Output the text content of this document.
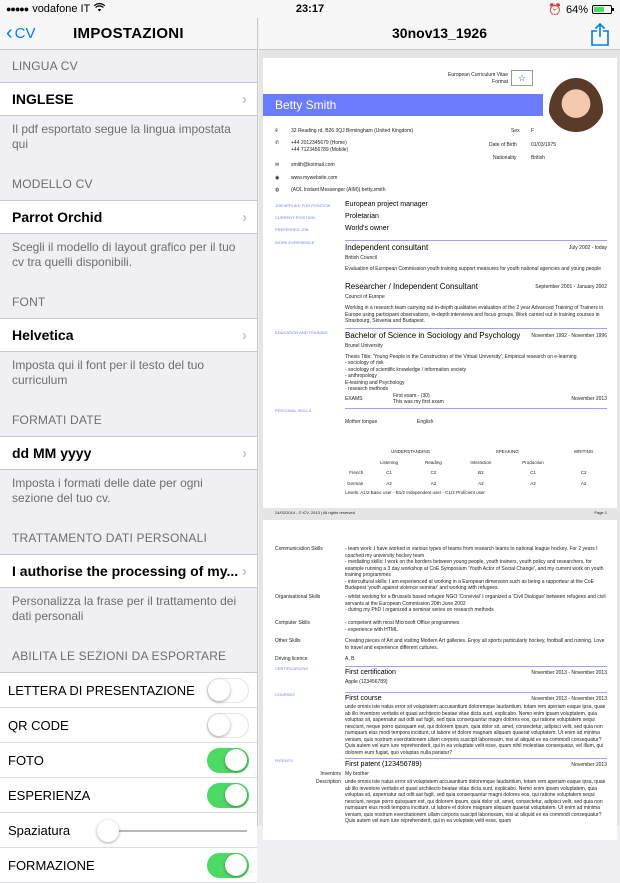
●●●●● vodafone IT	23:17	⏰ 64%
‹ CV	IMPOSTAZIONI
LINGUA CV
INGLESE	›
Il pdf esportato segue la lingua impostata qui
MODELLO CV
Parrot Orchid	›
Scegli il modello di layout grafico per il tuo cv tra quelli disponibili.
FONT
Helvetica	›
Imposta qui il font per il testo del tuo curriculum
FORMATI DATE
dd MM yyyy	›
Imposta i formati delle date per ogni sezione del tuo cv.
TRATTAMENTO DATI PERSONALI
I authorise the processing of my... ›
Personalizza la frase per il trattamento dei dati personali
ABILITA LE SEZIONI DA ESPORTARE
LETTERA DI PRESENTAZIONE
QR CODE
FOTO
ESPERIENZA
Spaziatura
FORMAZIONE
30nov13_1926
European Curriculum Vitae
Format	☆
Betty Smith
⌾	32 Reading rd, B26 3QJ Birmingham (United Kingdom)
✆ +44 2012345679 (Home)
+44 7123456789 (Mobile)
✉ smith@kotmail.com
◉ www.mywebsite.com
◍ (AOL Instant Messenger (AIM)) betty.smith
Sex F
Date of Birth	01/03/1975
Nationality	British
JOB APPLIED FOR POSITION European project manager
CURRENT POSITION	Proletarian
PREFERRED JOB	World's owner
WORK EXPERIENCE
Independent consultant	July 2002 - today
British Council
Evaluation of European Commission youth training support measures for youth national agencies and young people
Researcher / Independent Consultant	September 2001 - January 2002
Council of Europe
Working in a research team carrying out in-depth qualitative evaluation of the 2 year Advanced Training of Trainers in Europe using participant observations, in-depth interviews and focus groups. Work carried out in training courses in Strasbourg, Slovenia and Budapest.
EDUCATION AND TRAINING	Bachelor of Science in Sociology and Psychology	November 1992 - November 1996
Brunel University
Thesis Title: 'Young People in the Construction of the Virtual University', Empirical research on e-learning
- sociology of risk
- sociology of scientific knowledge / information society
- anthropology
E-learning and Psychology
- research methods
EXAMS	First exam - (30)
This was my first exam	November 2013
PERSONAL SKILLS
Mother tongue	English
	UNDERSTANDING		SPEAKING		WRITING
	Listening	Reading	Interaction	Production	
French	C1	C2	B2	C1	C2
German	A2	A2	A2	A2	A2
Levels: A1/2 Basic user - B1/2 Independent user - C1/2 Proficient user
24/02/2014 - © iCV, 2013 | All rights reserved	Page 1
Communication Skills	- team work: I have worked in various types of teams from research teams to national league hockey. For 2 years I coached my university hockey team
- mediating skills: I work on the borders between young people, youth trainers, youth policy and researchers, for example running a 3 day workshop at CoE Symposium 'Youth Actor of Social Change', and my current work on youth training programmes
- intercultural skills: I am experienced at working in a European dimension such as being a rapporteur at the CoE Budapest 'youth against violence seminar' and working with refugees.
Organisational Skills	- whilst working for a Brussels based refugee NGO 'Convivial' I organized a 'Civil Dialogue' between refugees and civil servants at the European Commission 20th June 2002
- during my PhD I organized a seminar series on research methods
Computer Skills	- competent with most Microsoft Office programmes
- experience with HTML
Other Skills	Creating pieces of Art and visiting Modern Art galleries. Enjoy all sports particularly hockey, football and running. Love to travel and experience different cultures.
Driving licence	A, B
CERTIFICATIONS
First certification	November 2013 - November 2013
Apple (123456789)
COURSES
First course	November 2013 - November 2013
unde omnis iste natus error sit voluptatem accusantium doloremque laudantium, totam rem aperiam eaque ipsa, quae ab illo inventore veritatis et quasi architecto beatae vitae dicta sunt, explicabo. Nemo enim ipsam voluptatem, quia voluptas sit, aspernatur aut odit aut fugit, sed quia consequuntur magni dolores eos, qui ratione voluptatem sequi nesciunt, neque porro quisquam est, qui dolorem ipsum, quia dolor sit, amet, consectetur, adipisci velit, sed quia non numquam eius modi tempora incidunt, ut labore et dolore magnam aliquam quaerat voluptatem. Ut enim ad minima veniam, quis nostrum exercitationem ullam corporis suscipit laboriosam, nisi ut aliquid ex ea commodi consequatur? Quis autem vel eum iure reprehenderit, qui in ea voluptate velit esse, quam nihil molestiae consequatur, vel illum, qui dolorem eum fugiat, quo voluptas nulla pariatur?
PATENTS
First patent (123456789)	November 2013
Inventors My brother
Description unde omnis iste natus error sit voluptatem accusantium doloremque laudantium, totam rem aperiam eaque ipsa, quae ab illo inventore veritatis et quasi architecto beatae vitae dicta sunt, explicabo. Nemo enim ipsam voluptatem, quia voluptas sit, aspernatur aut odit aut fugit, sed quia consequuntur magni dolores eos, qui ratione voluptatem sequi nesciunt, neque porro quisquam est, qui dolorem ipsum, quia dolor sit, amet, consectetur, adipisci velit, sed quia non numquam eius modi tempora incidunt, ut labore et dolore magnam aliquam quaerat voluptatem. Ut enim ad minima veniam, quis nostrum exercitationem ullam corporis suscipit laboriosam, nisi ut aliquid ex ea commodi consequatur? Quis autem vel eum iure reprehenderit, qui in ea voluptate velit esse, quam
